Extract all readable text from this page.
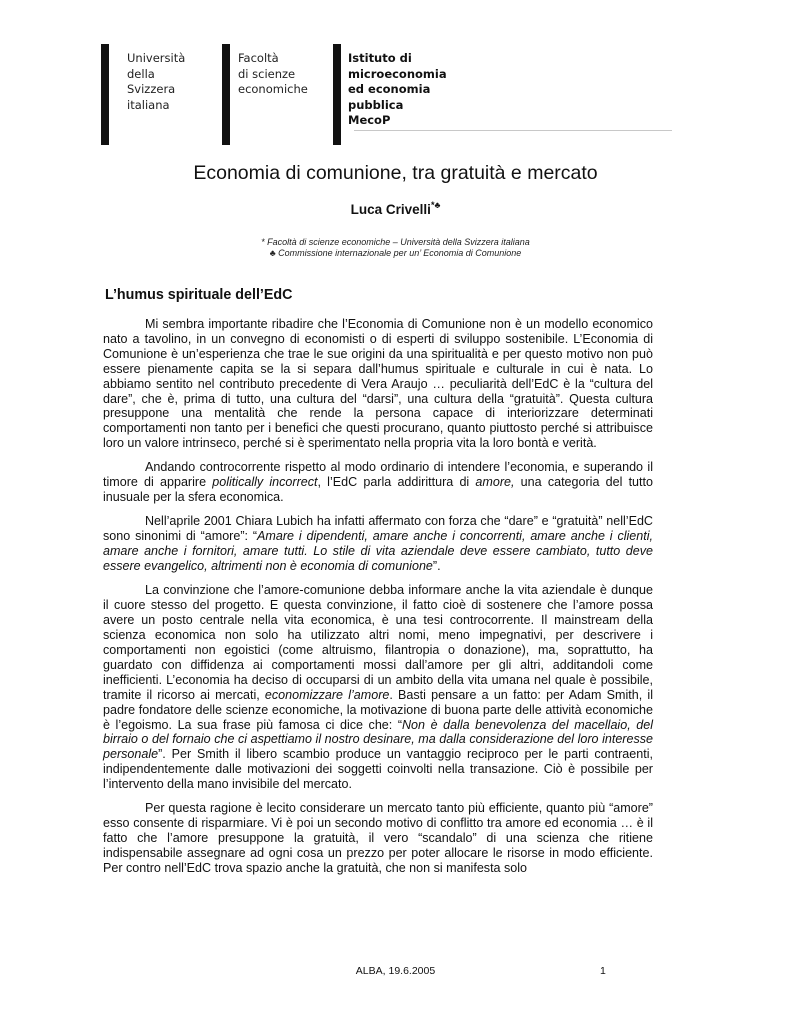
Università
della
Svizzera
italiana
Facoltà
di scienze
economiche
Istituto di
microeconomia
ed economia
pubblica
MecoP
Economia di comunione, tra gratuità e mercato
Luca Crivelli*♣
* Facoltà di scienze economiche – Università della Svizzera italiana
♣ Commissione internazionale per un’ Economia di Comunione
L’humus spirituale dell’EdC

Mi sembra importante ribadire che l’Economia di Comunione non è un modello economico nato a tavolino, in un convegno di economisti o di esperti di sviluppo sostenibile. L’Economia di Comunione è un’esperienza che trae le sue origini da una spiritualità e per questo motivo non può essere pienamente capita se la si separa dall’humus spirituale e culturale in cui è nata. Lo abbiamo sentito nel contributo precedente di Vera Araujo … peculiarità dell’EdC è la “cultura del dare”, che è, prima di tutto, una cultura del “darsi”, una cultura della “gratuità”. Questa cultura presuppone una mentalità che rende la persona capace di interiorizzare determinati comportamenti non tanto per i benefici che questi procurano, quanto piuttosto perché si attribuisce loro un valore intrinseco, perché si è sperimentato nella propria vita la loro bontà e verità.

Andando controcorrente rispetto al modo ordinario di intendere l’economia, e superando il timore di apparire politically incorrect, l’EdC parla addirittura di amore, una categoria del tutto inusuale per la sfera economica.

Nell’aprile 2001 Chiara Lubich ha infatti affermato con forza che “dare” e “gratuità” nell’EdC sono sinonimi di “amore”: “Amare i dipendenti, amare anche i concorrenti, amare anche i clienti, amare anche i fornitori, amare tutti. Lo stile di vita aziendale deve essere cambiato, tutto deve essere evangelico, altrimenti non è economia di comunione”.

La convinzione che l’amore-comunione debba informare anche la vita aziendale è dunque il cuore stesso del progetto. E questa convinzione, il fatto cioè di sostenere che l’amore possa avere un posto centrale nella vita economica, è una tesi controcorrente. Il mainstream della scienza economica non solo ha utilizzato altri nomi, meno impegnativi, per descrivere i comportamenti non egoistici (come altruismo, filantropia o donazione), ma, soprattutto, ha guardato con diffidenza ai comportamenti mossi dall’amore per gli altri, additandoli come inefficienti. L’economia ha deciso di occuparsi di un ambito della vita umana nel quale è possibile, tramite il ricorso ai mercati, economizzare l’amore. Basti pensare a un fatto: per Adam Smith, il padre fondatore delle scienze economiche, la motivazione di buona parte delle attività economiche è l’egoismo. La sua frase più famosa ci dice che: “Non è dalla benevolenza del macellaio, del birraio o del fornaio che ci aspettiamo il nostro desinare, ma dalla considerazione del loro interesse personale”. Per Smith il libero scambio produce un vantaggio reciproco per le parti contraenti, indipendentemente dalle motivazioni dei soggetti coinvolti nella transazione. Ciò è possibile per l’intervento della mano invisibile del mercato.

Per questa ragione è lecito considerare un mercato tanto più efficiente, quanto più “amore” esso consente di risparmiare. Vi è poi un secondo motivo di conflitto tra amore ed economia … è il fatto che l’amore presuppone la gratuità, il vero “scandalo” di una scienza che ritiene indispensabile assegnare ad ogni cosa un prezzo per poter allocare le risorse in modo efficiente. Per contro nell’EdC trova spazio anche la gratuità, che non si manifesta solo

ALBA, 19.6.2005	1
